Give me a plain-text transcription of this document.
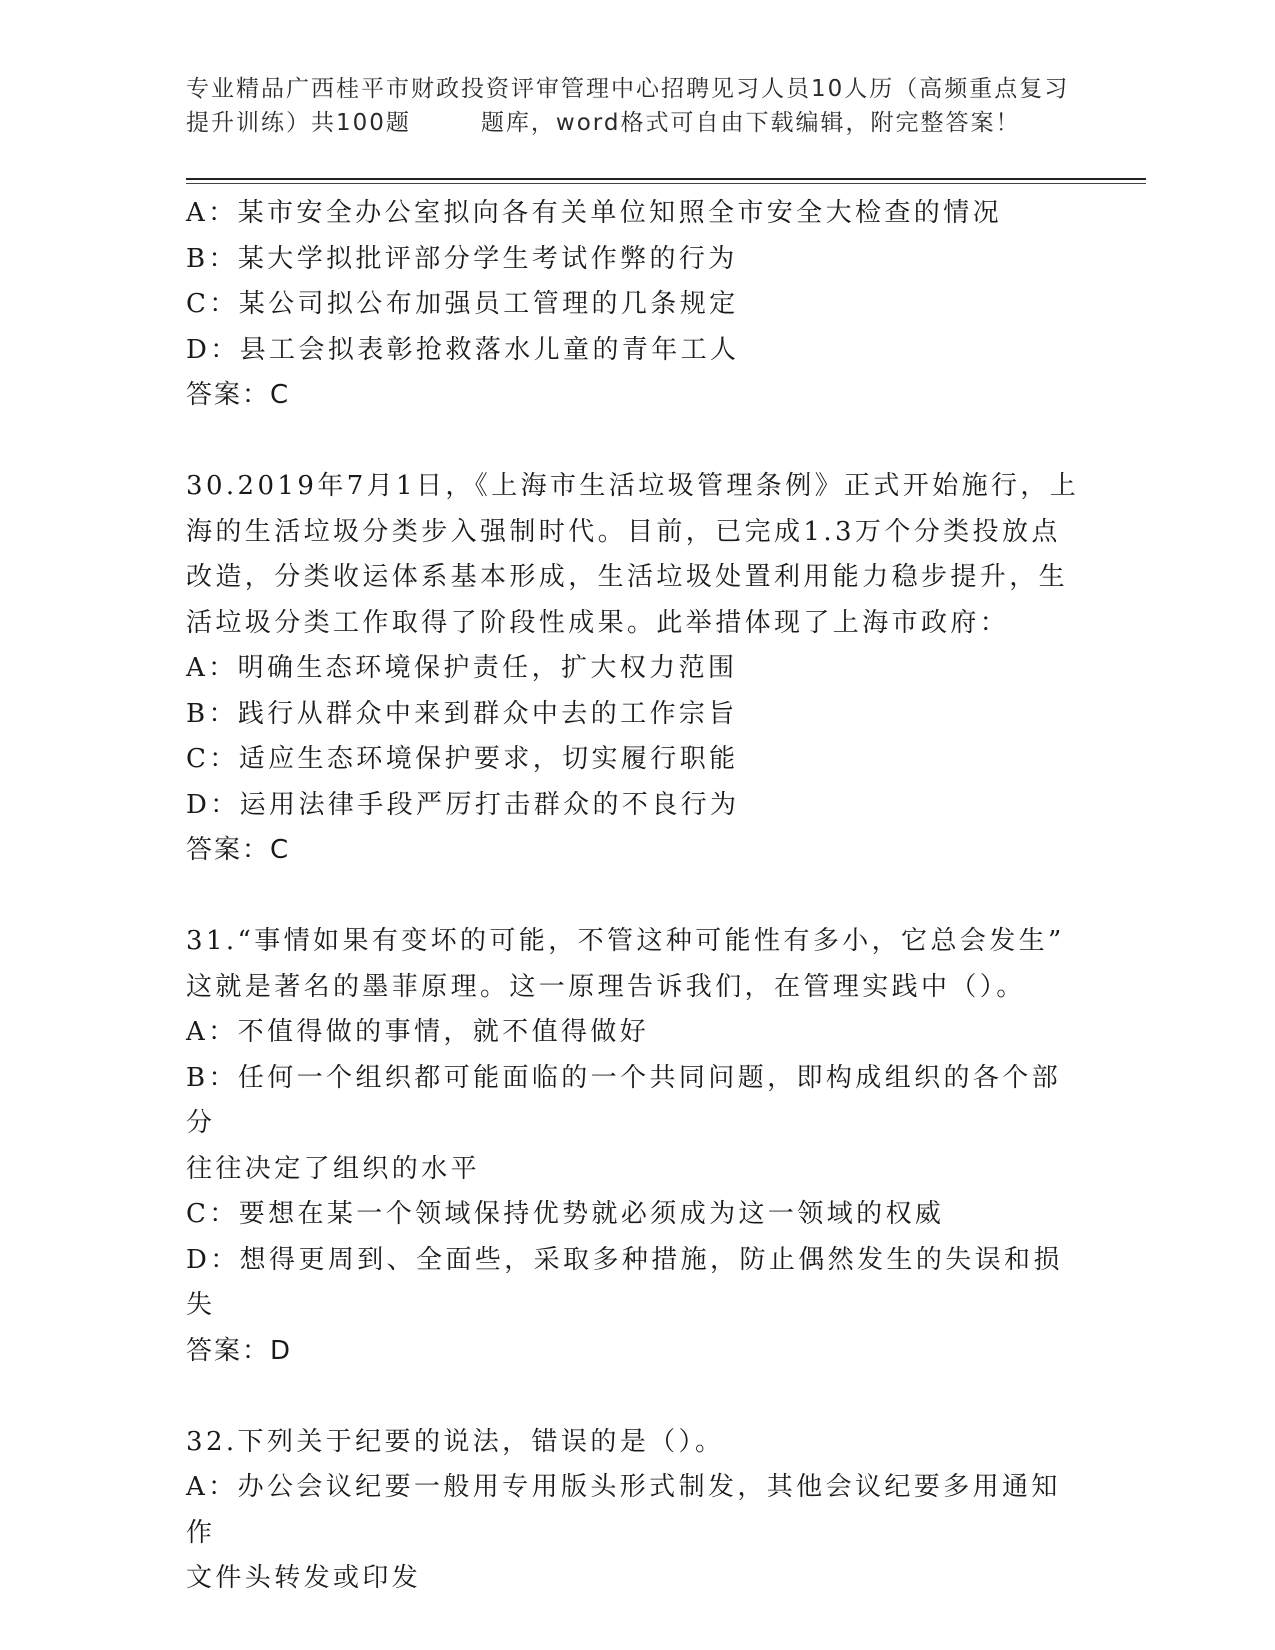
专业精品广西桂平市财政投资评审管理中心招聘见习人员10人历（高频重点复习
提升训练）共100题	题库，word格式可自由下载编辑，附完整答案！

A：某市安全办公室拟向各有关单位知照全市安全大检查的情况

B：某大学拟批评部分学生考试作弊的行为

C：某公司拟公布加强员工管理的几条规定

D：县工会拟表彰抢救落水儿童的青年工人

答案：C

30.2019年7月1日，《上海市生活垃圾管理条例》正式开始施行，上

海的生活垃圾分类步入强制时代。目前，已完成1.3万个分类投放点

改造，分类收运体系基本形成，生活垃圾处置利用能力稳步提升，生

活垃圾分类工作取得了阶段性成果。此举措体现了上海市政府：

A：明确生态环境保护责任，扩大权力范围

B：践行从群众中来到群众中去的工作宗旨

C：适应生态环境保护要求，切实履行职能

D：运用法律手段严厉打击群众的不良行为

答案：C

31.“事情如果有变坏的可能，不管这种可能性有多小，它总会发生”

这就是著名的墨菲原理。这一原理告诉我们，在管理实践中（）。

A：不值得做的事情，就不值得做好

B：任何一个组织都可能面临的一个共同问题，即构成组织的各个部分

往往决定了组织的水平

C：要想在某一个领域保持优势就必须成为这一领域的权威

D：想得更周到、全面些，采取多种措施，防止偶然发生的失误和损失

答案：D

32.下列关于纪要的说法，错误的是（）。

A：办公会议纪要一般用专用版头形式制发，其他会议纪要多用通知作

文件头转发或印发
